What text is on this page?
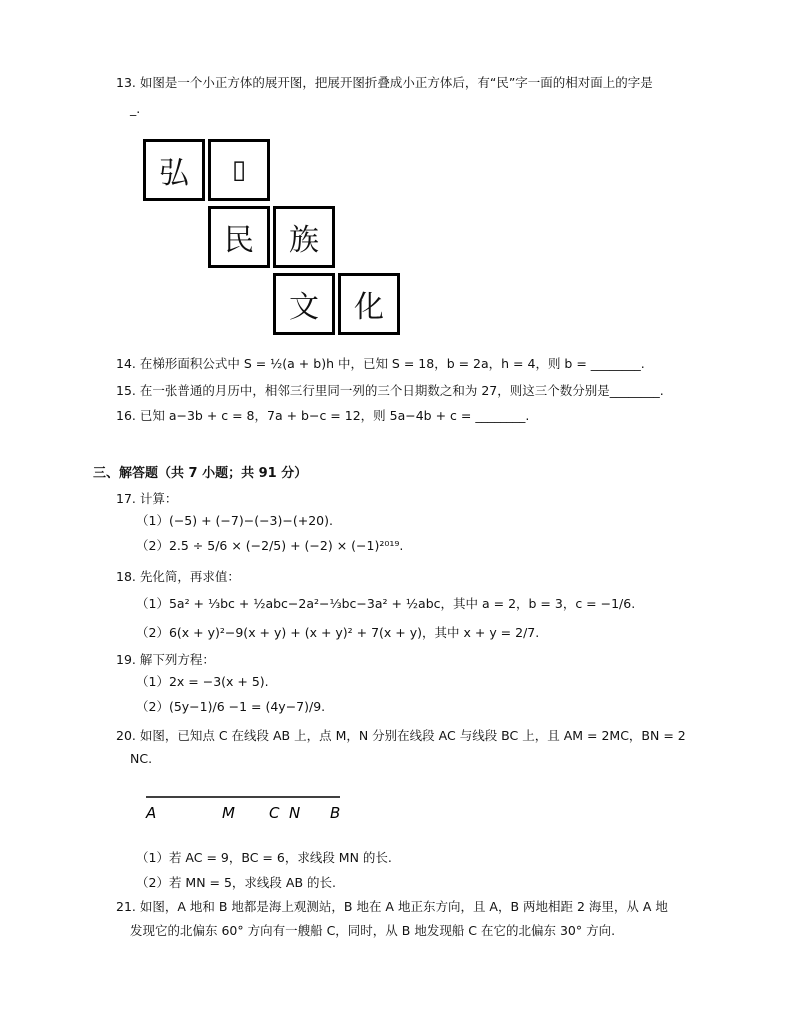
13. 如图是一个小正方体的展开图，把展开图折叠成小正方体后，有“民”字一面的相对面上的字是
_.
弘	▯
民	族
文	化
14. 在梯形面积公式中 S = ½(a + b)h 中，已知 S = 18，b = 2a，h = 4，则 b = ________.
15. 在一张普通的月历中，相邻三行里同一列的三个日期数之和为 27，则这三个数分别是________.
16. 已知 a−3b + c = 8，7a + b−c = 12，则 5a−4b + c = ________.
三、解答题（共 7 小题；共 91 分）
17. 计算：
（1）(−5) + (−7)−(−3)−(+20).
（2）2.5 ÷ 5/6 × (−2/5) + (−2) × (−1)²⁰¹⁹.
18. 先化简，再求值：
（1）5a² + ⅓bc + ½abc−2a²−⅓bc−3a² + ½abc，其中 a = 2，b = 3，c = −1/6.
（2）6(x + y)²−9(x + y) + (x + y)² + 7(x + y)，其中 x + y = 2/7.
19. 解下列方程：
（1）2x = −3(x + 5).
（2）(5y−1)/6 −1 = (4y−7)/9.
20. 如图，已知点 C 在线段 AB 上，点 M，N 分别在线段 AC 与线段 BC 上，且 AM = 2MC，BN = 2
NC.
A	M C N B
（1）若 AC = 9，BC = 6，求线段 MN 的长.
（2）若 MN = 5，求线段 AB 的长.
21. 如图，A 地和 B 地都是海上观测站，B 地在 A 地正东方向，且 A，B 两地相距 2 海里，从 A 地
发现它的北偏东 60° 方向有一艘船 C，同时，从 B 地发现船 C 在它的北偏东 30° 方向.
